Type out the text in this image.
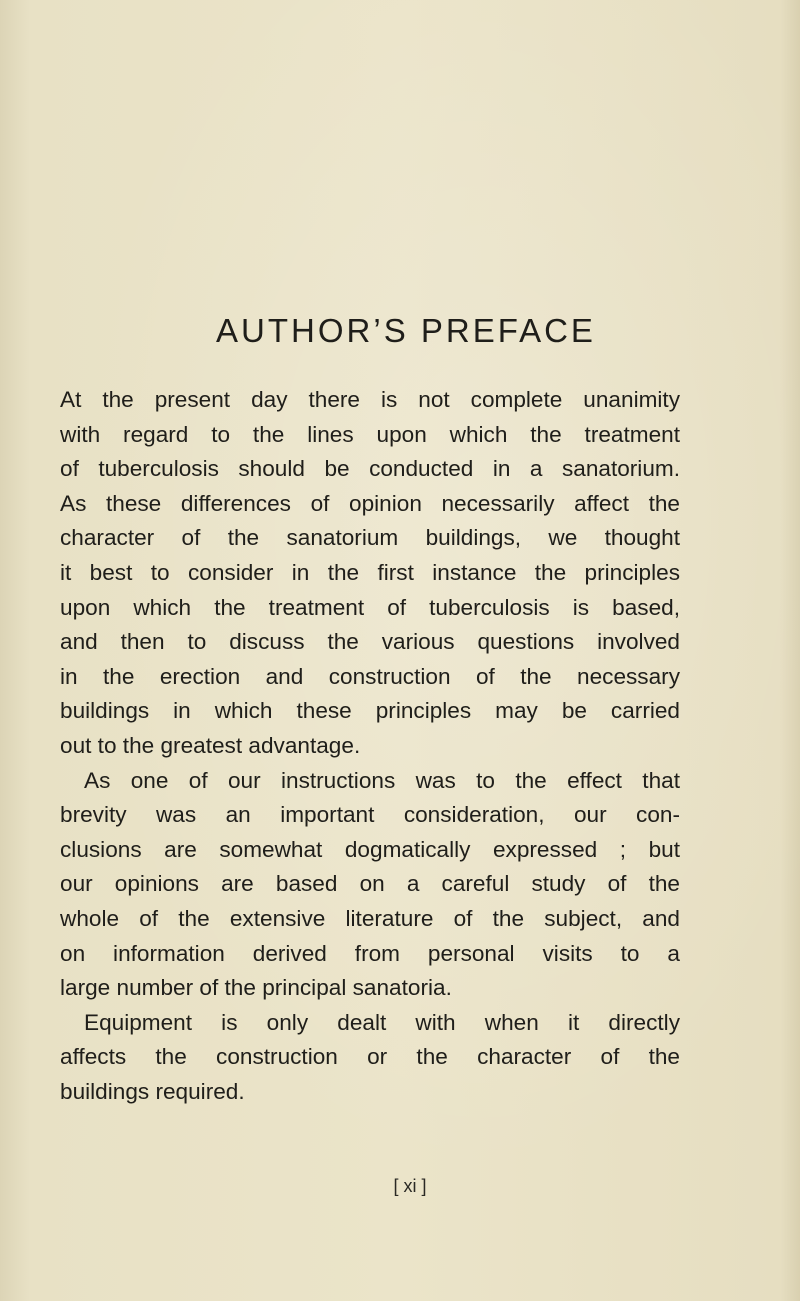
AUTHOR’S PREFACE
At the present day there is not complete unanimity
with regard to the lines upon which the treatment
of tuberculosis should be conducted in a sanatorium.
As these differences of opinion necessarily affect the
character of the sanatorium buildings, we thought
it best to consider in the first instance the principles
upon which the treatment of tuberculosis is based,
and then to discuss the various questions involved
in the erection and construction of the necessary
buildings in which these principles may be carried
out to the greatest advantage.
As one of our instructions was to the effect that
brevity was an important consideration, our con-
clusions are somewhat dogmatically expressed ; but
our opinions are based on a careful study of the
whole of the extensive literature of the subject, and
on information derived from personal visits to a
large number of the principal sanatoria.
Equipment is only dealt with when it directly
affects the construction or the character of the
buildings required.
[ xi ]
